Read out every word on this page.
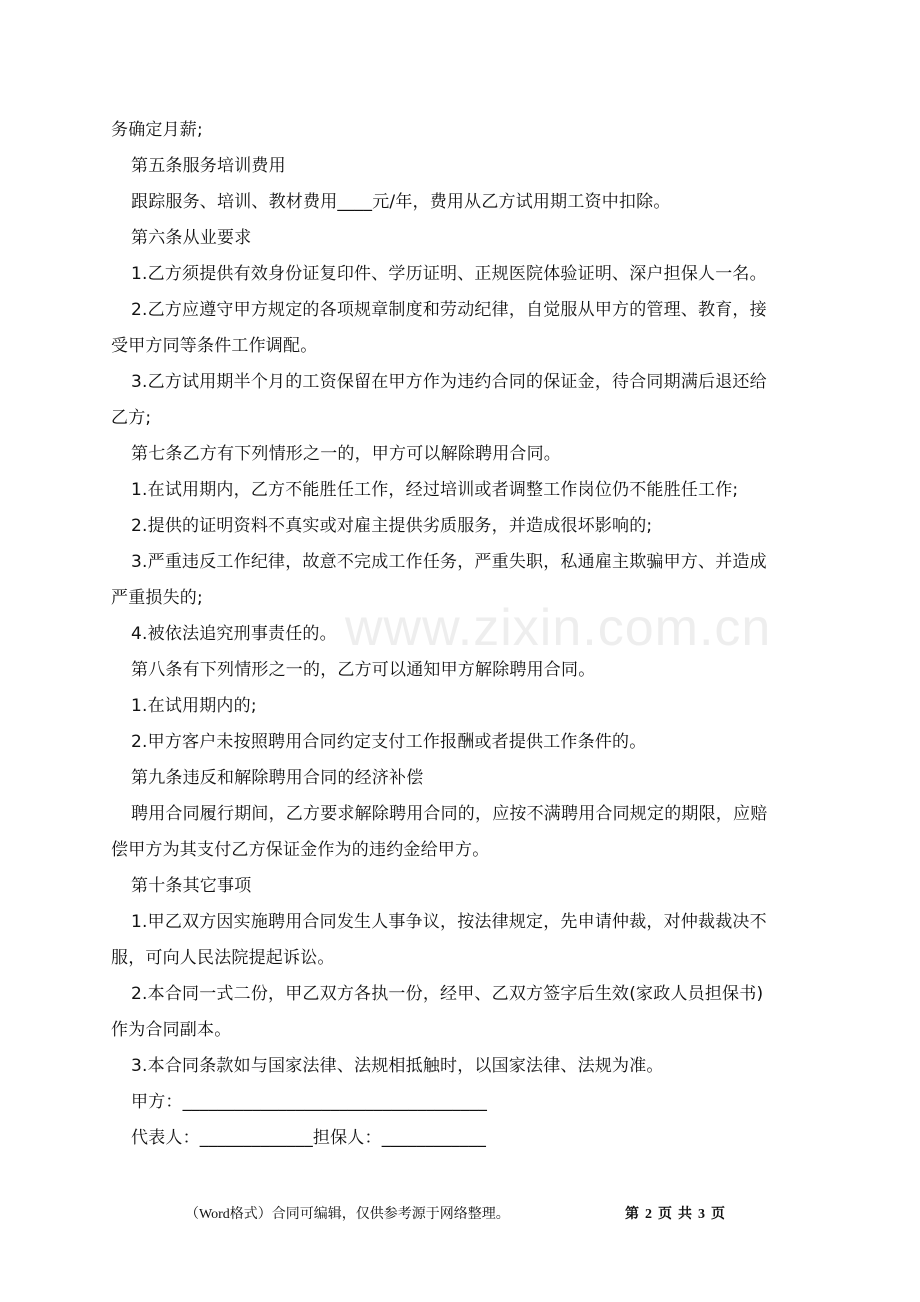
务确定月薪;
第五条服务培训费用
跟踪服务、培训、教材费用____元/年，费用从乙方试用期工资中扣除。
第六条从业要求
1.乙方须提供有效身份证复印件、学历证明、正规医院体验证明、深户担保人一名。
2.乙方应遵守甲方规定的各项规章制度和劳动纪律，自觉服从甲方的管理、教育，接
受甲方同等条件工作调配。
3.乙方试用期半个月的工资保留在甲方作为违约合同的保证金，待合同期满后退还给
乙方;
第七条乙方有下列情形之一的，甲方可以解除聘用合同。
1.在试用期内，乙方不能胜任工作，经过培训或者调整工作岗位仍不能胜任工作;
2.提供的证明资料不真实或对雇主提供劣质服务，并造成很坏影响的;
3.严重违反工作纪律，故意不完成工作任务，严重失职，私通雇主欺骗甲方、并造成
严重损失的;
4.被依法追究刑事责任的。
第八条有下列情形之一的，乙方可以通知甲方解除聘用合同。
1.在试用期内的;
2.甲方客户未按照聘用合同约定支付工作报酬或者提供工作条件的。
第九条违反和解除聘用合同的经济补偿
聘用合同履行期间，乙方要求解除聘用合同的，应按不满聘用合同规定的期限，应赔
偿甲方为其支付乙方保证金作为的违约金给甲方。
第十条其它事项
1.甲乙双方因实施聘用合同发生人事争议，按法律规定，先申请仲裁，对仲裁裁决不
服，可向人民法院提起诉讼。
2.本合同一式二份，甲乙双方各执一份，经甲、乙双方签字后生效(家政人员担保书)
作为合同副本。
3.本合同条款如与国家法律、法规相抵触时，以国家法律、法规为准。
甲方：___________________________________
代表人：_____________担保人：____________
www.zixin.com.cn
（Word格式）合同可编辑，仅供参考源于网络整理。	第 2 页 共 3 页
